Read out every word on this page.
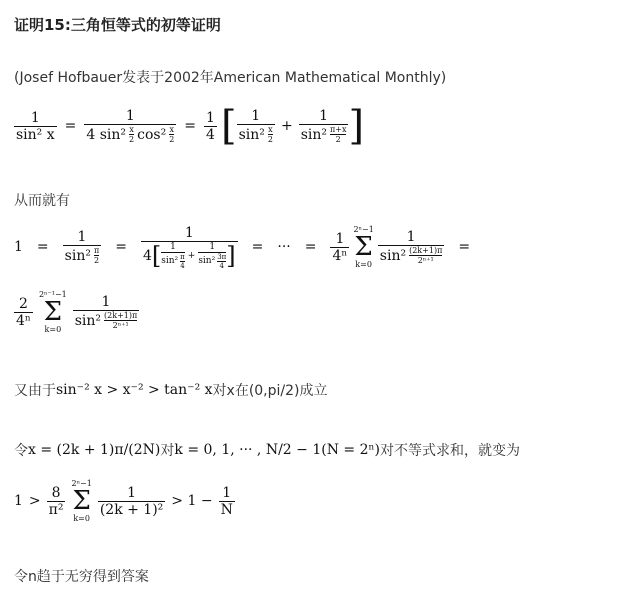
证明15:三角恒等式的初等证明
(Josef Hofbauer发表于2002年American Mathematical Monthly)
$\frac{1}{\text{sin² x}}$ =
1
4 $\sin^2 \frac{x}{2} \cos^2 \frac{x}{2} = \frac{1}{4}$ [ $\frac{1}{\sin^2 \frac{x}{2}} + \frac{1}{\sin^2 \frac{\pi+x}{2}}$ ]
从而就有
$1 = \frac{1}{\sin^2 \frac{\pi}{2}}$ =
1
4 [ $\frac{1}{\sin^2 \frac{\pi}{4}} + \frac{1}{\sin^2 \frac{3\pi}{4}}$ ] = ··· = $\frac{1}{\text{4ⁿ}}$
2ⁿ−1
Σ
$k=0 \frac{1}{\sin^2 \frac{(2k+1)\pi}{\text{2ⁿ⁺¹}}}$ =
$\frac{2}{\text{4ⁿ}}$
2ⁿ⁻¹−1
Σ
$k=0 \frac{1}{\sin^2 \frac{(2k+1)\pi}{\text{2ⁿ⁺¹}}}$
又由于 sin⁻² x > x⁻² > tan⁻² x 对x在(0,pi/2)成立
令 x = (2k + 1)π/(2N) 对 k = 0, 1, ··· , N/2 − 1(N = 2ⁿ) 对不等式求和，就变为
$1 > \frac{8}{\text{π²}}$
2ⁿ−1
Σ
k=0
$\frac{1}{\text{(2k + 1)²}} > 1 - \frac{1}{N}$
令n趋于无穷得到答案
